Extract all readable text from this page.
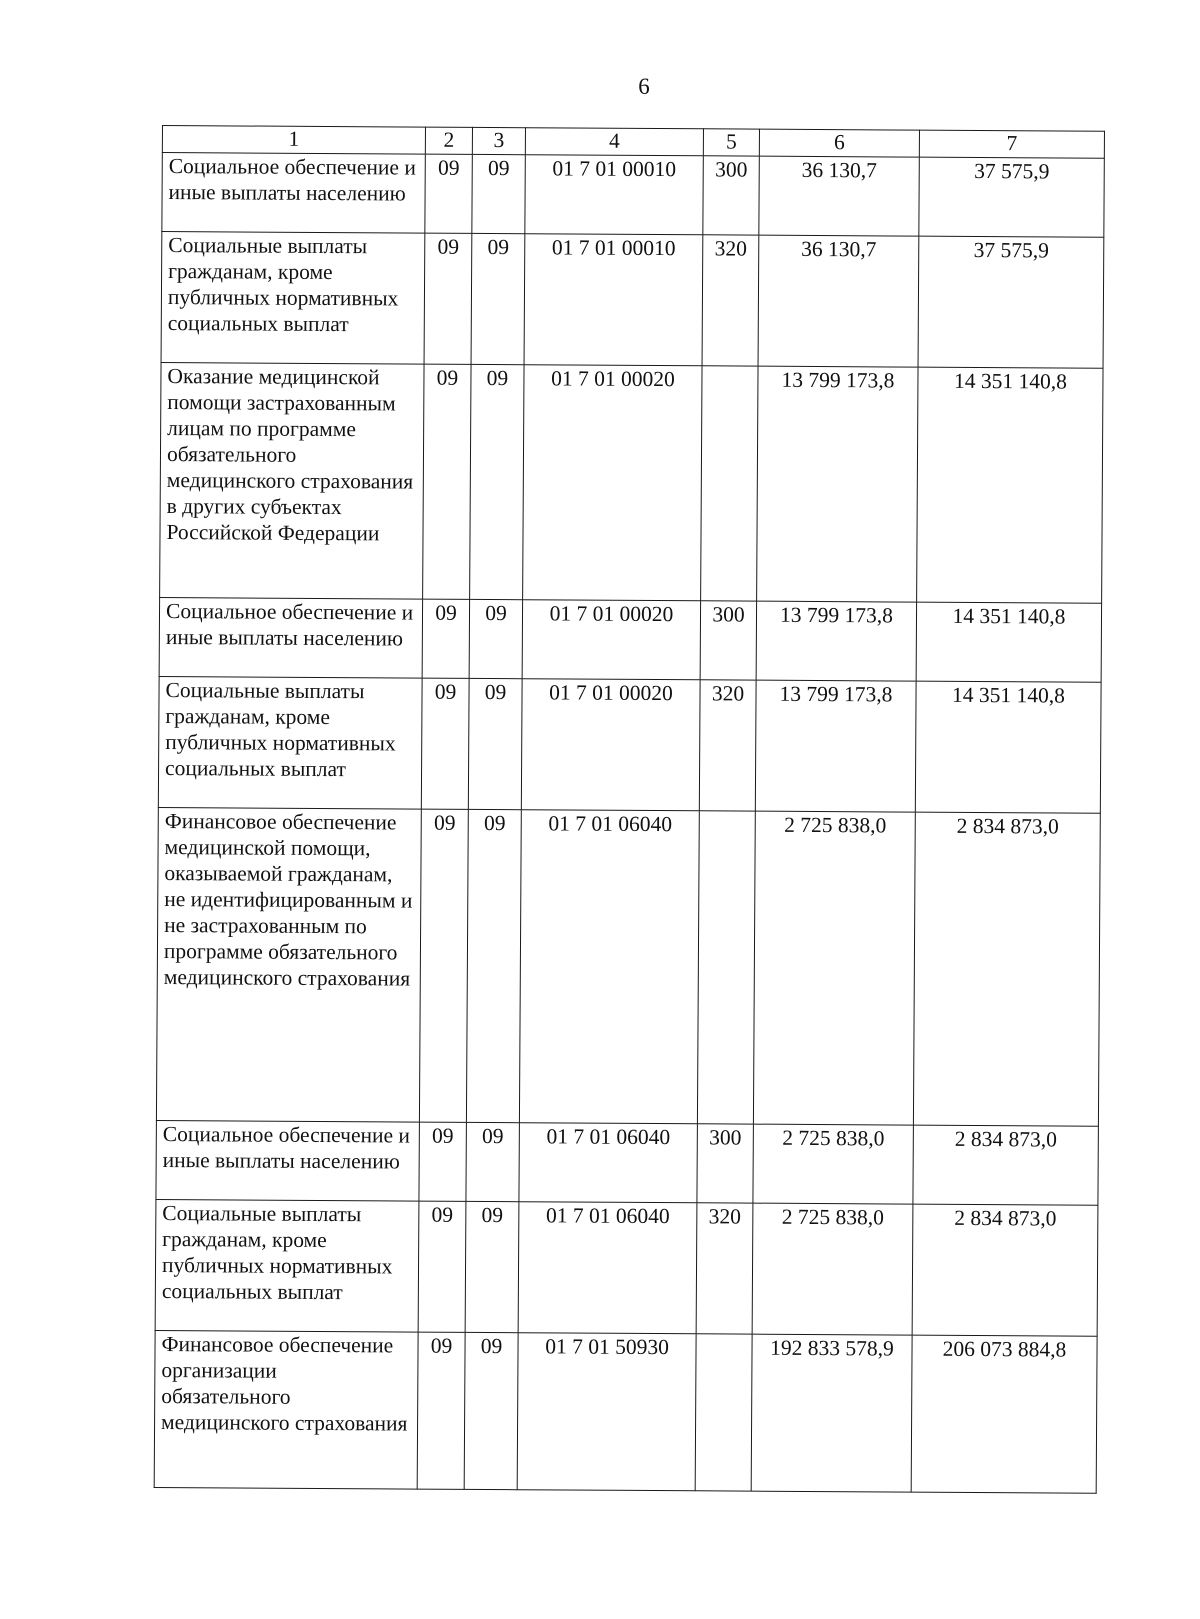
6
1	2	3	4	5	6	7
Социальное обеспечение и иные выплаты населению	09	09	01 7 01 00010	300	36 130,7	37 575,9
Социальные выплаты гражданам, кроме публичных нормативных социальных выплат	09	09	01 7 01 00010	320	36 130,7	37 575,9
Оказание медицинской помощи застрахованным лицам по программе обязательного медицинского страхования в других субъектах Российской Федерации	09	09	01 7 01 00020		13 799 173,8	14 351 140,8
Социальное обеспечение и иные выплаты населению	09	09	01 7 01 00020	300	13 799 173,8	14 351 140,8
Социальные выплаты гражданам, кроме публичных нормативных социальных выплат	09	09	01 7 01 00020	320	13 799 173,8	14 351 140,8
Финансовое обеспечение медицинской помощи, оказываемой гражданам, не идентифицированным и не застрахованным по программе обязательного медицинского страхования	09	09	01 7 01 06040		2 725 838,0	2 834 873,0
Социальное обеспечение и иные выплаты населению	09	09	01 7 01 06040	300	2 725 838,0	2 834 873,0
Социальные выплаты гражданам, кроме публичных нормативных социальных выплат	09	09	01 7 01 06040	320	2 725 838,0	2 834 873,0
Финансовое обеспечение организации обязательного медицинского страхования	09	09	01 7 01 50930		192 833 578,9	206 073 884,8
